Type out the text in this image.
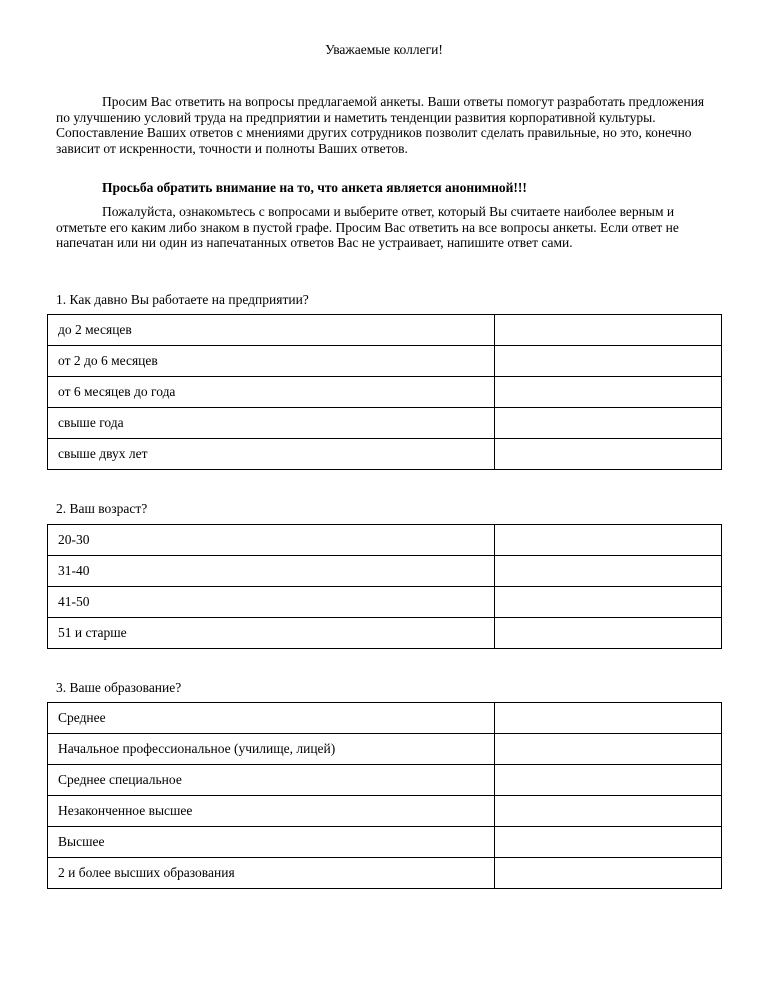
Уважаемые коллеги!

Просим Вас ответить на вопросы предлагаемой анкеты. Ваши ответы помогут разработать предложения по улучшению условий труда на предприятии и наметить тенденции развития корпоративной культуры. Сопоставление Ваших ответов с мнениями других сотрудников позволит сделать правильные, но это, конечно зависит от искренности, точности и полноты Ваших ответов.

Просьба обратить внимание на то, что анкета является анонимной!!!

Пожалуйста, ознакомьтесь с вопросами и выберите ответ, который Вы считаете наиболее верным и отметьте его каким либо знаком в пустой графе. Просим Вас ответить на все вопросы анкеты. Если ответ не напечатан или ни один из напечатанных ответов Вас не устраивает, напишите ответ сами.

1. Как давно Вы работаете на предприятии?
до 2 месяцев	
от 2 до 6 месяцев	
от 6 месяцев до года	
свыше года	
свыше двух лет	
2. Ваш возраст?
20-30	
31-40	
41-50	
51 и старше	
3. Ваше образование?
Среднее	
Начальное профессиональное (училище, лицей)	
Среднее специальное	
Незаконченное высшее	
Высшее	
2 и более высших образования	
